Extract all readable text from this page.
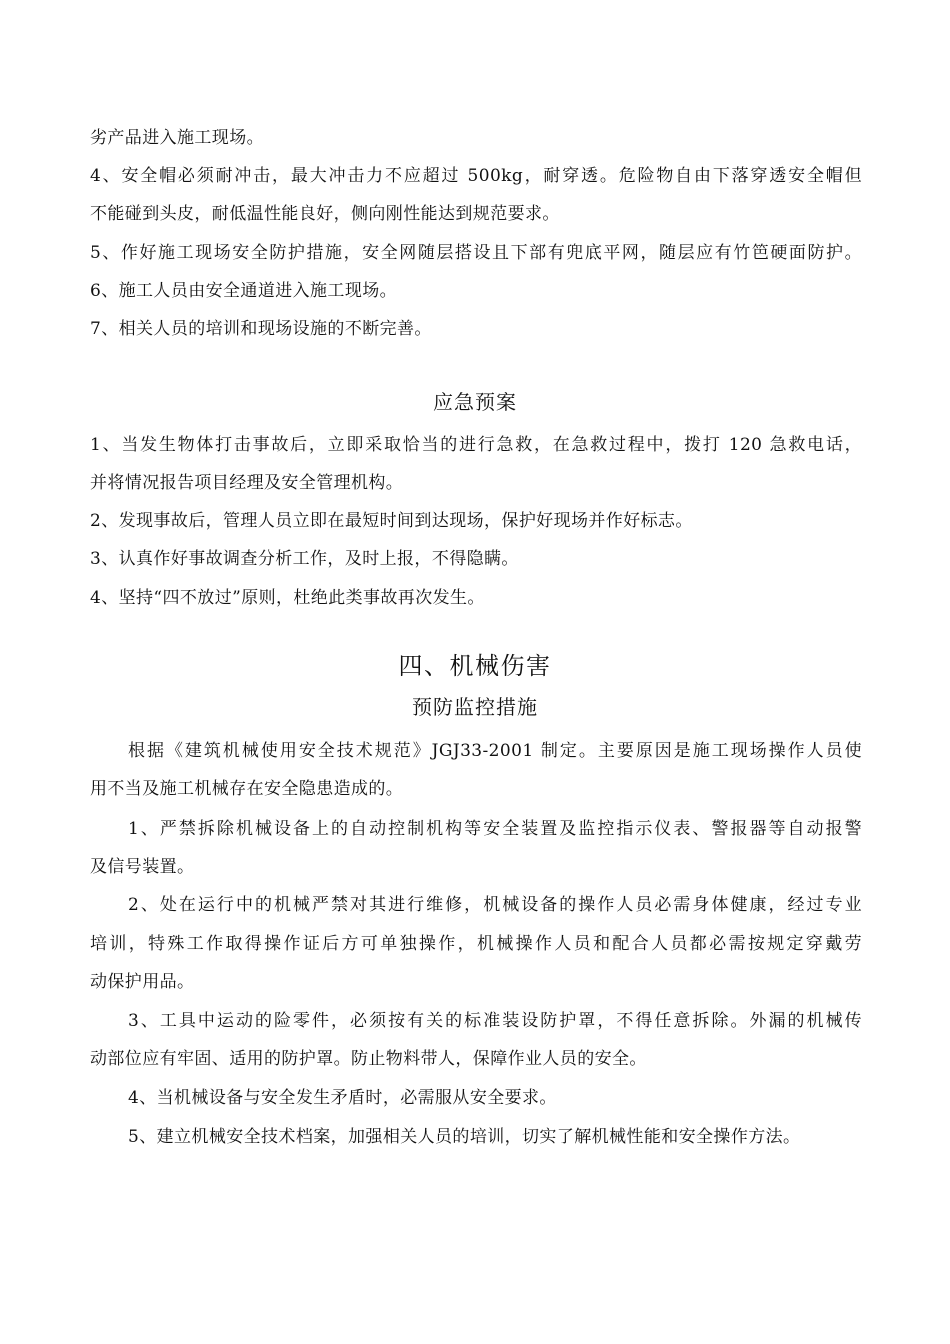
劣产品进入施工现场。
4、安全帽必须耐冲击，最大冲击力不应超过 500kg，耐穿透。危险物自由下落穿透安全帽但
不能碰到头皮，耐低温性能良好，侧向刚性能达到规范要求。
5、作好施工现场安全防护措施，安全网随层搭设且下部有兜底平网，随层应有竹笆硬面防护。
6、施工人员由安全通道进入施工现场。
7、相关人员的培训和现场设施的不断完善。
应急预案
1、当发生物体打击事故后，立即采取恰当的进行急救，在急救过程中，拨打 120 急救电话，
并将情况报告项目经理及安全管理机构。
2、发现事故后，管理人员立即在最短时间到达现场，保护好现场并作好标志。
3、认真作好事故调查分析工作，及时上报，不得隐瞒。
4、坚持“四不放过”原则，杜绝此类事故再次发生。
四、机械伤害
预防监控措施
根据《建筑机械使用安全技术规范》JGJ33-2001 制定。主要原因是施工现场操作人员使
用不当及施工机械存在安全隐患造成的。
1、严禁拆除机械设备上的自动控制机构等安全装置及监控指示仪表、警报器等自动报警
及信号装置。
2、处在运行中的机械严禁对其进行维修，机械设备的操作人员必需身体健康，经过专业
培训，特殊工作取得操作证后方可单独操作，机械操作人员和配合人员都必需按规定穿戴劳
动保护用品。
3、工具中运动的险零件，必须按有关的标准装设防护罩，不得任意拆除。外漏的机械传
动部位应有牢固、适用的防护罩。防止物料带人，保障作业人员的安全。
4、当机械设备与安全发生矛盾时，必需服从安全要求。
5、建立机械安全技术档案，加强相关人员的培训，切实了解机械性能和安全操作方法。
